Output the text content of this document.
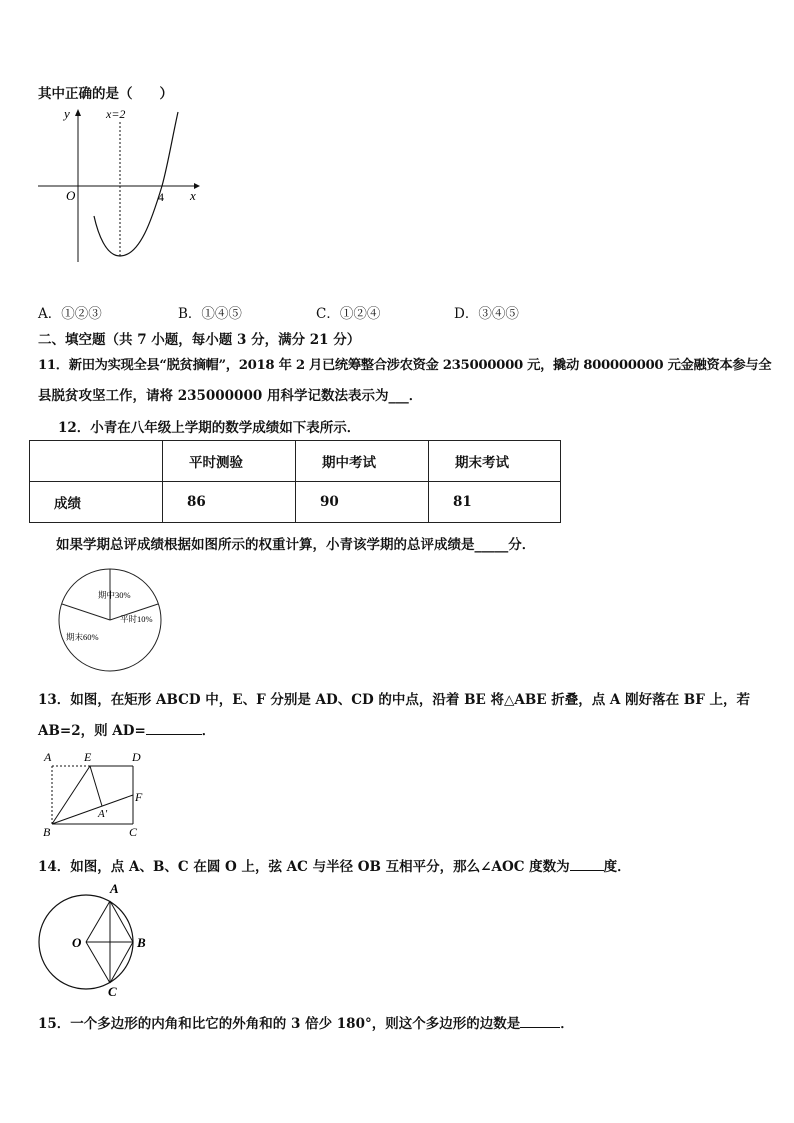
其中正确的是（　　）
y	x=2
x
O	4
A．①②③	B．①④⑤	C．①②④	D．③④⑤
二、填空题（共 7 小题，每小题 3 分，满分 21 分）
11．新田为实现全县“脱贫摘帽”，2018 年 2 月已统筹整合涉农资金 235000000 元，撬动 800000000 元金融资本参与全
县脱贫攻坚工作，请将 235000000 用科学记数法表示为___．
12．小青在八年级上学期的数学成绩如下表所示．
	平时测验	期中考试	期末考试
成绩	86	90	81
如果学期总评成绩根据如图所示的权重计算，小青该学期的总评成绩是_____分．
期中30%
平时10%
期末60%
13．如图，在矩形 ABCD 中，E、F 分别是 AD、CD 的中点，沿着 BE 将△ABE 折叠，点 A 刚好落在 BF 上，若
AB=2，则 AD=	．
A	E	D
F
A′
B	C
14．如图，点 A、B、C 在圆 O 上，弦 AC 与半径 OB 互相平分，那么∠AOC 度数为	度．
A
O	B
C
15．一个多边形的内角和比它的外角和的 3 倍少 180°，则这个多边形的边数是	．
